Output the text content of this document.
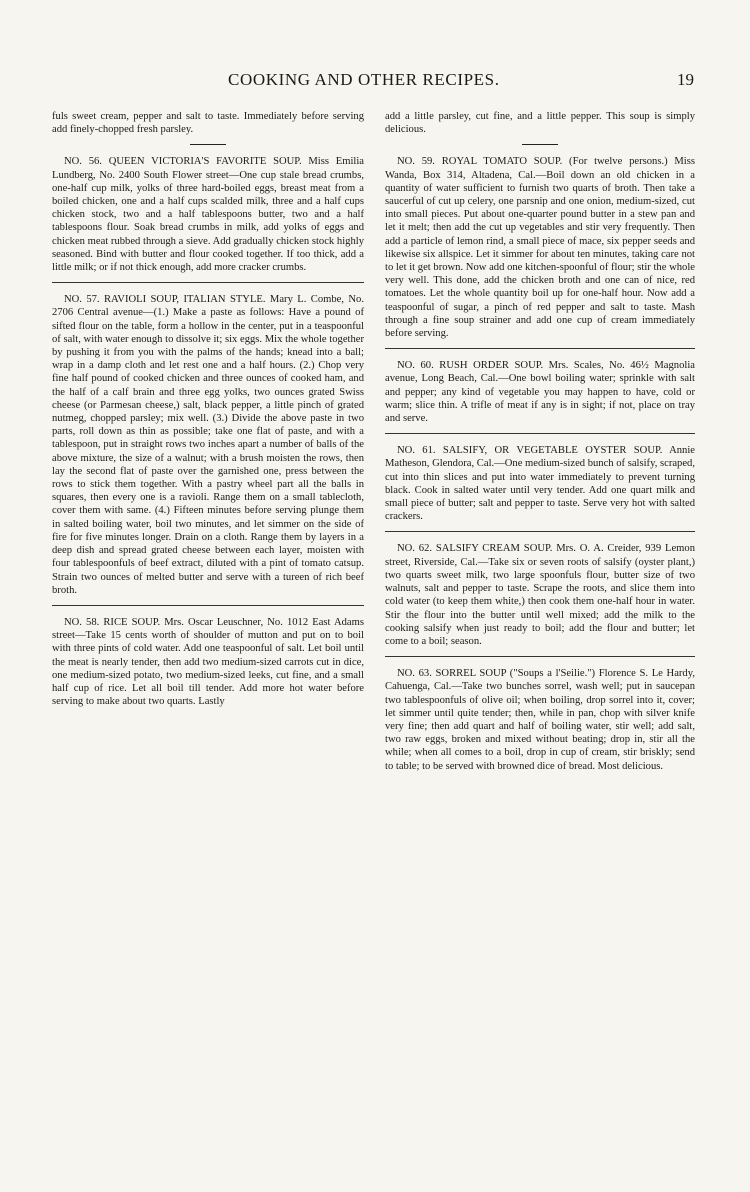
COOKING AND OTHER RECIPES.	19

fuls sweet cream, pepper and salt to taste. Immediately before serving add finely-chopped fresh parsley.

NO. 56. QUEEN VICTORIA'S FAVORITE SOUP. Miss Emilia Lundberg, No. 2400 South Flower street—One cup stale bread crumbs, one-half cup milk, yolks of three hard-boiled eggs, breast meat from a boiled chicken, one and a half cups scalded milk, three and a half cups chicken stock, two and a half tablespoons butter, two and a half tablespoons flour. Soak bread crumbs in milk, add yolks of eggs and chicken meat rubbed through a sieve. Add gradually chicken stock highly seasoned. Bind with butter and flour cooked together. If too thick, add a little milk; or if not thick enough, add more cracker crumbs.

NO. 57. RAVIOLI SOUP, ITALIAN STYLE. Mary L. Combe, No. 2706 Central avenue—(1.) Make a paste as follows: Have a pound of sifted flour on the table, form a hollow in the center, put in a teaspoonful of salt, with water enough to dissolve it; six eggs. Mix the whole together by pushing it from you with the palms of the hands; knead into a ball; wrap in a damp cloth and let rest one and a half hours. (2.) Chop very fine half pound of cooked chicken and three ounces of cooked ham, and the half of a calf brain and three egg yolks, two ounces grated Swiss cheese (or Parmesan cheese,) salt, black pepper, a little pinch of grated nutmeg, chopped parsley; mix well. (3.) Divide the above paste in two parts, roll down as thin as possible; take one flat of paste, and with a tablespoon, put in straight rows two inches apart a number of balls of the above mixture, the size of a walnut; with a brush moisten the rows, then lay the second flat of paste over the garnished one, press between the rows to stick them together. With a pastry wheel part all the balls in squares, then every one is a ravioli. Range them on a small tablecloth, cover them with same. (4.) Fifteen minutes before serving plunge them in salted boiling water, boil two minutes, and let simmer on the side of fire for five minutes longer. Drain on a cloth. Range them by layers in a deep dish and spread grated cheese between each layer, moisten with four tablespoonfuls of beef extract, diluted with a pint of tomato catsup. Strain two ounces of melted butter and serve with a tureen of rich beef broth.

NO. 58. RICE SOUP. Mrs. Oscar Leuschner, No. 1012 East Adams street—Take 15 cents worth of shoulder of mutton and put on to boil with three pints of cold water. Add one teaspoonful of salt. Let boil until the meat is nearly tender, then add two medium-sized carrots cut in dice, one medium-sized potato, two medium-sized leeks, cut fine, and a small half cup of rice. Let all boil till tender. Add more hot water before serving to make about two quarts. Lastly

add a little parsley, cut fine, and a little pepper. This soup is simply delicious.

NO. 59. ROYAL TOMATO SOUP. (For twelve persons.) Miss Wanda, Box 314, Altadena, Cal.—Boil down an old chicken in a quantity of water sufficient to furnish two quarts of broth. Then take a saucerful of cut up celery, one parsnip and one onion, medium-sized, cut into small pieces. Put about one-quarter pound butter in a stew pan and let it melt; then add the cut up vegetables and stir very frequently. Then add a particle of lemon rind, a small piece of mace, six pepper seeds and likewise six allspice. Let it simmer for about ten minutes, taking care not to let it get brown. Now add one kitchen-spoonful of flour; stir the whole very well. This done, add the chicken broth and one can of nice, red tomatoes. Let the whole quantity boil up for one-half hour. Now add a teaspoonful of sugar, a pinch of red pepper and salt to taste. Mash through a fine soup strainer and add one cup of cream immediately before serving.

NO. 60. RUSH ORDER SOUP. Mrs. Scales, No. 46½ Magnolia avenue, Long Beach, Cal.—One bowl boiling water; sprinkle with salt and pepper; any kind of vegetable you may happen to have, cold or warm; slice thin. A trifle of meat if any is in sight; if not, place on tray and serve.

NO. 61. SALSIFY, OR VEGETABLE OYSTER SOUP. Annie Matheson, Glendora, Cal.—One medium-sized bunch of salsify, scraped, cut into thin slices and put into water immediately to prevent turning black. Cook in salted water until very tender. Add one quart milk and small piece of butter; salt and pepper to taste. Serve very hot with salted crackers.

NO. 62. SALSIFY CREAM SOUP. Mrs. O. A. Creider, 939 Lemon street, Riverside, Cal.—Take six or seven roots of salsify (oyster plant,) two quarts sweet milk, two large spoonfuls flour, butter size of two walnuts, salt and pepper to taste. Scrape the roots, and slice them into cold water (to keep them white,) then cook them one-half hour in water. Stir the flour into the butter until well mixed; add the milk to the cooking salsify when just ready to boil; add the flour and butter; let come to a boil; season.

NO. 63. SORREL SOUP ("Soups a l'Seilie.") Florence S. Le Hardy, Cahuenga, Cal.—Take two bunches sorrel, wash well; put in saucepan two tablespoonfuls of olive oil; when boiling, drop sorrel into it, cover; let simmer until quite tender; then, while in pan, chop with silver knife very fine; then add quart and half of boiling water, stir well; add salt, two raw eggs, broken and mixed without beating; drop in, stir all the while; when all comes to a boil, drop in cup of cream, stir briskly; send to table; to be served with browned dice of bread. Most delicious.
